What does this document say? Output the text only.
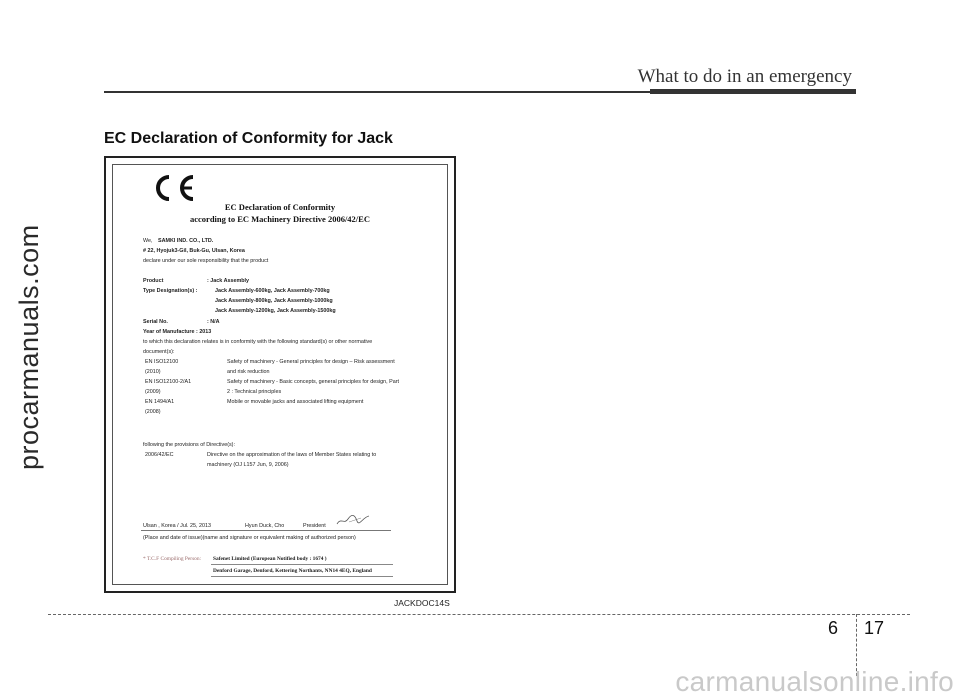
procarmanuals.com
What to do in an emergency
EC Declaration of Conformity for Jack
EC Declaration of Conformity
according to EC Machinery Directive 2006/42/EC
We, SAMKI IND. CO., LTD.
# 22, Hyojuk3-Gil, Buk-Gu, Ulsan, Korea
declare under our sole responsibility that the product
Product	: Jack Assembly
Type Designation(s) :	Jack Assembly-600kg, Jack Assembly-700kg
Jack Assembly-800kg, Jack Assembly-1000kg
Jack Assembly-1200kg, Jack Assembly-1500kg
Serial No.	: N/A
Year of Manufacture : 2013
to which this declaration relates is in conformity with the following standard(s) or other normative
document(s):
EN ISO12100	Safety of machinery - General principles for design – Risk assessment
(2010)	and risk reduction
EN ISO12100-2/A1	Safety of machinery - Basic concepts, general principles for design, Part
(2009)	2 : Technical principles
EN 1494/A1	Mobile or movable jacks and associated lifting equipment
(2008)
following the provisions of Directive(s):
2006/42/EC	Directive on the approximation of the laws of Member States relating to
machinery (OJ L157 Jun, 9, 2006)
Ulsan , Korea / Jul. 25, 2013	Hyun Duck, Cho	President
(Place and date of issue)(name and signature or equivalent making of authorized person)
* T.C.F Compiling Person: Safenet Limited (European Notified body : 1674 )
Denford Garage, Denford, Kettering Northants, NN14 4EQ, England
JACKDOC14S
6 17
carmanualsonline.info
